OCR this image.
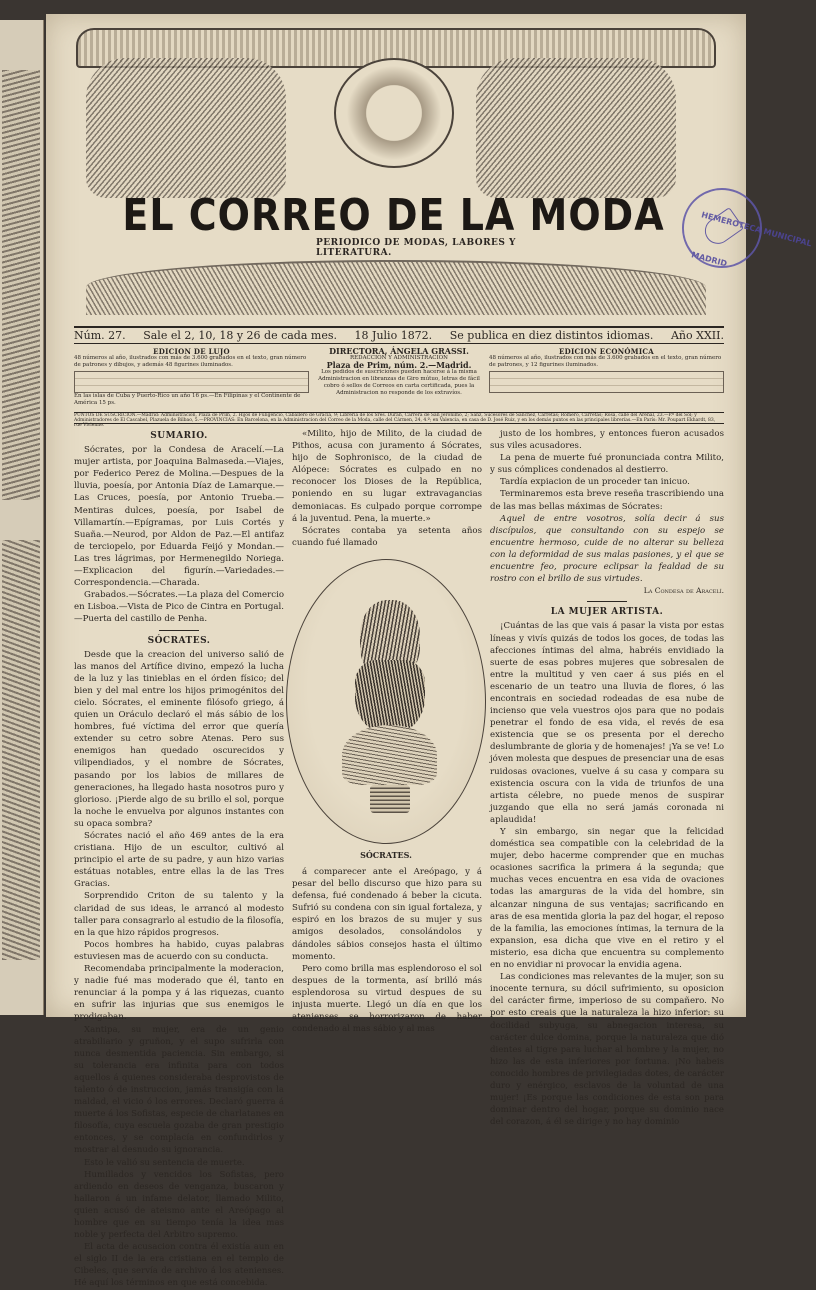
EL CORREO DE LA MODA
PERIODICO DE MODAS, LABORES Y LITERATURA.
HEMEROTECA MUNICIPAL
MADRID
Núm. 27. Sale el 2, 10, 18 y 26 de cada mes. 18 Julio 1872. Se publica en diez distintos idiomas. Año XXII.
EDICION DE LUJO
48 números al año, ilustrados con más de 3.600 grabados en el texto, gran número de patrones y dibujos, y además 48 figurines iluminados.
En las islas de Cuba y Puerto-Rico un año 16 ps.—En Filipinas y el Continente de América 15 ps.
DIRECTORA, ÁNGELA GRASSI.
REDACCION Y ADMINISTRACION
Plaza de Prim, núm. 2.—Madrid.
Los pedidos de suscriciones pueden hacerse á la misma Administracion en libranzas de Giro mútuo, letras de fácil cobro ó sellos de Correos en carta certificada, pues la Administracion no responde de los extravíos.
EDICION ECONÓMICA
48 números al año, ilustrados con más de 3.600 grabados en el texto, gran número de patrones, y 12 figurines iluminados.
PUNTOS DE SUSCRICION.—Madrid: Administracion, Plaza de Prim, 2. Hijos de Fuligencio, Caballero de Gracia, 9; Librería de los Sres. Durán, Carrera de San Jerónimo, 2; Sanz, Sucesores de Sánchez, Carretas; Romero, Carretas; Rosa, calle del Arenal, 23.—P.º del Sol; y Administradores de El Cascabel, Plazuela de Bilbao, 5.—PROVINCIAS: En Barcelona, en la Administracion del Correo de la Moda, calle del Cármen, 24, 4.º; en Valencia, en casa de D. José Ruiz, y en los demás puntos en las principales librerías.—En París: Mr. Poupart Ekhardt, 83, rue Vivienne.
SUMARIO.

Sócrates, por la Condesa de Aracelí.—La mujer artista, por Joaquina Balmaseda.—Viajes, por Federico Perez de Molina.—Despues de la lluvia, poesía, por Antonia Díaz de Lamarque.—Las Cruces, poesía, por Antonio Trueba.—Mentiras dulces, poesía, por Isabel de Villamartín.—Epígramas, por Luis Cortés y Suaña.—Neurod, por Aldon de Paz.—El antifaz de terciopelo, por Eduarda Feijó y Mondan.—Las tres lágrimas, por Hermenegildo Noriega.—Explicacion del figurín.—Variedades.—Correspondencia.—Charada.

Grabados.—Sócrates.—La plaza del Comercio en Lisboa.—Vista de Pico de Cintra en Portugal.—Puerta del castillo de Penha.

SÓCRATES.

Desde que la creacion del universo salió de las manos del Artífice divino, empezó la lucha de la luz y las tinieblas en el órden físico; del bien y del mal entre los hijos primogénitos del cielo. Sócrates, el eminente filósofo griego, á quien un Oráculo declaró el más sábio de los hombres, fué víctima del error que quería extender su cetro sobre Atenas. Pero sus enemigos han quedado oscurecidos y vilipendiados, y el nombre de Sócrates, pasando por los labios de millares de generaciones, ha llegado hasta nosotros puro y glorioso. ¡Pierde algo de su brillo el sol, porque la noche le envuelva por algunos instantes con su opaca sombra?

Sócrates nació el año 469 antes de la era cristiana. Hijo de un escultor, cultivó al principio el arte de su padre, y aun hizo varias estátuas notables, entre ellas la de las Tres Gracias.

Sorprendido Criton de su talento y la claridad de sus ideas, le arrancó al modesto taller para consagrarlo al estudio de la filosofía, en la que hizo rápidos progresos.

Pocos hombres ha habido, cuyas palabras estuviesen mas de acuerdo con su conducta.

Recomendaba principalmente la moderacion, y nadie fué mas moderado que él, tanto en renunciar á la pompa y á las riquezas, cuanto en sufrir las injurias que sus enemigos le prodigaban.

Xantipa, su mujer, era de un genio atrabiliario y gruñon, y el supo sufrirla con nunca desmentida paciencia. Sin embargo, si su tolerancia era infinita para con todos aquellos á quienes consideraba desprovistos de talento ó de instruccion, jamás transigía con la maldad, el vicio ó los errores. Declaró guerra á muerte á los Sofistas, especie de charlatanes en filosofía, cuya escuela gozaba de gran prestigio entonces, y se complacía en confundirlos y mostrar al desnudo su ignorancia.

Esto le valió su sentencia de muerte.

Humillados y vencidos los Sofistas, pero ardiendo en deseos de venganza, buscaron y hallaron á un infame delator, llamado Milito, quien acusó de ateismo ante el Areópago al hombre que en su tiempo tenía la idea mas noble y perfecta del Arbitro supremo.

El acta de acusacion contra él existía aun en el siglo II de la era cristiana en el templo de Cibeles, que servía de archivo á los atenienses. Hé aquí los términos en que está concebida.

«Milito, hijo de Milito, de la ciudad de Pithos, acusa con juramento á Sócrates, hijo de Sophronisco, de la ciudad de Alópece: Sócrates es culpado en no reconocer los Dioses de la República, poniendo en su lugar extravagancias demoniacas. Es culpado porque corrompe á la juventud. Pena, la muerte.»

Sócrates contaba ya setenta años cuando fué llamado

SÓCRATES.

á comparecer ante el Areópago, y á pesar del bello discurso que hizo para su defensa, fué condenado á beber la cicuta. Sufrió su condena con sin igual fortaleza, y espiró en los brazos de su mujer y sus amigos desolados, consolándolos y dándoles sábios consejos hasta el último momento.

Pero como brilla mas esplendoroso el sol despues de la tormenta, así brilló más esplendorosa su virtud despues de su injusta muerte. Llegó un día en que los atenienses se horrorizaron de haber condenado al mas sábio y al mas

justo de los hombres, y entonces fueron acusados sus viles acusadores.

La pena de muerte fué pronunciada contra Milito, y sus cómplices condenados al destierro.

Tardía expiacion de un proceder tan inicuo.

Terminaremos esta breve reseña trascribiendo una de las mas bellas máximas de Sócrates:

Aquel de entre vosotros, solía decir á sus discípulos, que consultando con su espejo se encuentre hermoso, cuide de no alterar su belleza con la deformidad de sus malas pasiones, y el que se encuentre feo, procure eclipsar la fealdad de su rostro con el brillo de sus virtudes.

La Condesa de Aracelí.
LA MUJER ARTISTA.

¡Cuántas de las que vais á pasar la vista por estas líneas y vivís quizás de todos los goces, de todas las afecciones íntimas del alma, habréis envidiado la suerte de esas pobres mujeres que sobresalen de entre la multitud y ven caer á sus piés en el escenario de un teatro una lluvia de flores, ó las encontrais en sociedad rodeadas de esa nube de incienso que vela vuestros ojos para que no podais penetrar el fondo de esa vida, el revés de esa existencia que se os presenta por el derecho deslumbrante de gloria y de homenajes! ¡Ya se ve! Lo jóven molesta que despues de presenciar una de esas ruidosas ovaciones, vuelve á su casa y compara su existencia oscura con la vida de triunfos de una artista célebre, no puede menos de suspirar juzgando que ella no será jamás coronada ni aplaudida!

Y sin embargo, sin negar que la felicidad doméstica sea compatible con la celebridad de la mujer, debo hacerme comprender que en muchas ocasiones sacrifica la primera á la segunda; que muchas veces encuentra en esa vida de ovaciones todas las amarguras de la vida del hombre, sin alcanzar ninguna de sus ventajas; sacrificando en aras de esa mentida gloria la paz del hogar, el reposo de la familia, las emociones íntimas, la ternura de la expansion, esa dicha que vive en el retiro y el misterio, esa dicha que encuentra su complemento en no envidiar ni provocar la envidia agena.

Las condiciones mas relevantes de la mujer, son su inocente ternura, su dócil sufrimiento, su oposicion del carácter firme, imperioso de su compañero. No por esto creais que la naturaleza la hizo inferior: su docilidad subyuga, su abnegacion interesa, su carácter dulce domina, porque la naturaleza que dió dientes al tigre para luchar al hombre y la mujer, no hizo las de esta inferiores por fortuna. ¡No habeis conocido hombres de privilegiadas dotes, de carácter duro y enérgico, esclavos de la voluntad de una mujer! ¡Es porque las condiciones de esta son para dominar dentro del hogar, porque su dominio nace del corazon, á él se dirige y no hay dominio
